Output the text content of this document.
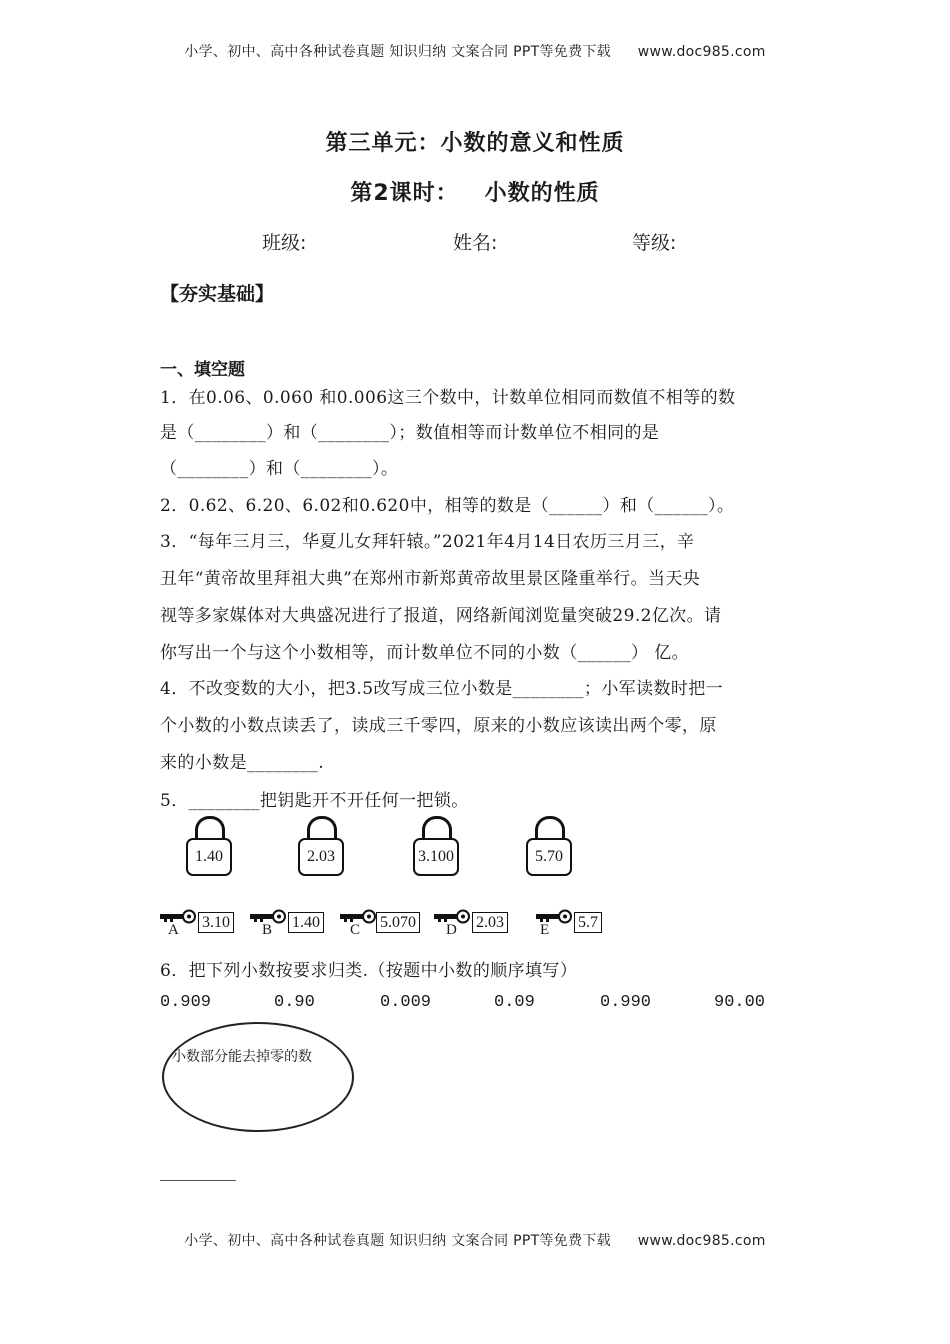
小学、初中、高中各种试卷真题 知识归纳 文案合同 PPT等免费下载 www.doc985.com
第三单元：小数的意义和性质
第2课时：   小数的性质
班级:	姓名:	等级:
【夯实基础】
一、填空题
1．在0.06、0.060 和0.006这三个数中，计数单位相同而数值不相等的数
是（________）和（________）；数值相等而计数单位不相同的是
（________）和（________）。
2．0.62、6.20、6.02和0.620中，相等的数是（______）和（______）。
3．“每年三月三，华夏儿女拜轩辕。”2021年4月14日农历三月三，辛
丑年“黄帝故里拜祖大典”在郑州市新郑黄帝故里景区隆重举行。当天央
视等多家媒体对大典盛况进行了报道，网络新闻浏览量突破29.2亿次。请
你写出一个与这个小数相等，而计数单位不同的小数（______） 亿。
4．不改变数的大小，把3.5改写成三位小数是________；小军读数时把一
个小数的小数点读丢了，读成三千零四，原来的小数应该读出两个零，原
来的小数是________.
5．________把钥匙开不开任何一把锁。
1.40	2.03	3.100	5.70
A 3.10 B 1.40 C 5.070 D 2.03 E 5.7
6．把下列小数按要求归类.（按题中小数的顺序填写）
0.909	0.90	0.009	0.09	0.990	90.00
小数部分能去掉零的数
小学、初中、高中各种试卷真题 知识归纳 文案合同 PPT等免费下载 www.doc985.com
